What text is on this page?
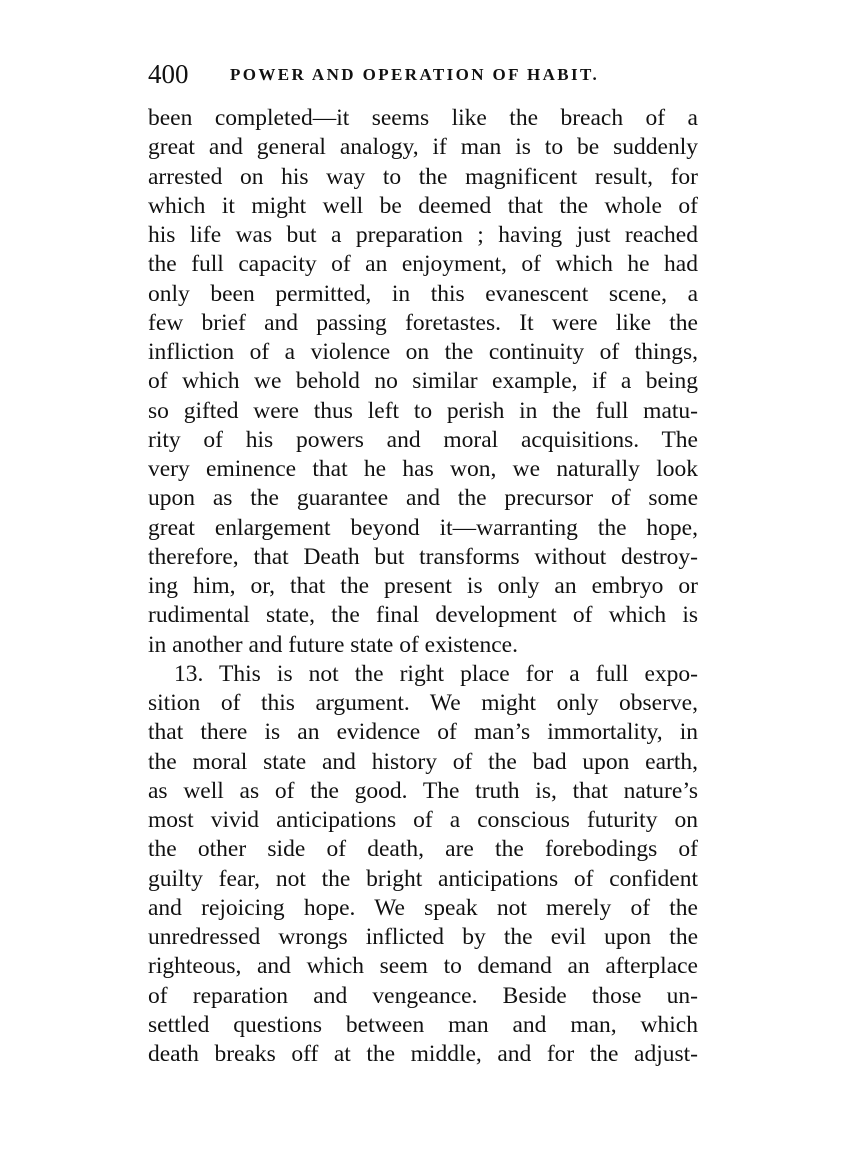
400 POWER AND OPERATION OF HABIT.
been completed—it seems like the breach of a
great and general analogy, if man is to be suddenly
arrested on his way to the magnificent result, for
which it might well be deemed that the whole of
his life was but a preparation ; having just reached
the full capacity of an enjoyment, of which he had
only been permitted, in this evanescent scene, a
few brief and passing foretastes. It were like the
infliction of a violence on the continuity of things,
of which we behold no similar example, if a being
so gifted were thus left to perish in the full matu-
rity of his powers and moral acquisitions. The
very eminence that he has won, we naturally look
upon as the guarantee and the precursor of some
great enlargement beyond it—warranting the hope,
therefore, that Death but transforms without destroy-
ing him, or, that the present is only an embryo or
rudimental state, the final development of which is
in another and future state of existence.
13. This is not the right place for a full expo-
sition of this argument. We might only observe,
that there is an evidence of man’s immortality, in
the moral state and history of the bad upon earth,
as well as of the good. The truth is, that nature’s
most vivid anticipations of a conscious futurity on
the other side of death, are the forebodings of
guilty fear, not the bright anticipations of confident
and rejoicing hope. We speak not merely of the
unredressed wrongs inflicted by the evil upon the
righteous, and which seem to demand an afterplace
of reparation and vengeance. Beside those un-
settled questions between man and man, which
death breaks off at the middle, and for the adjust-
